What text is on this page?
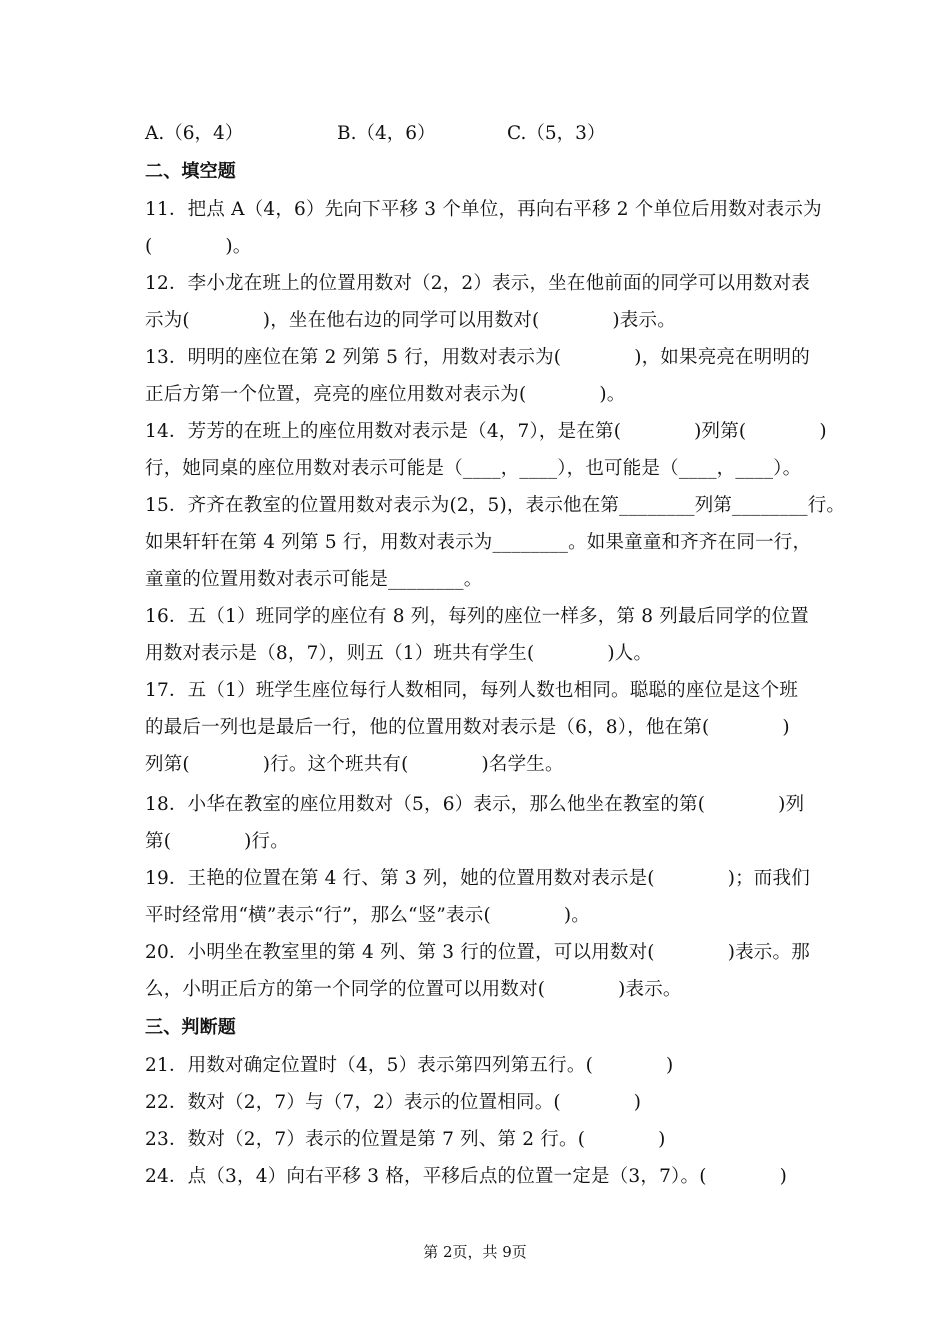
A.（6，4）	B.（4，6）	C.（5，3）
二、填空题
11．把点 A（4，6）先向下平移 3 个单位，再向右平移 2 个单位后用数对表示为
(            )。
12．李小龙在班上的位置用数对（2，2）表示，坐在他前面的同学可以用数对表
示为(            )，坐在他右边的同学可以用数对(            )表示。
13．明明的座位在第 2 列第 5 行，用数对表示为(            )，如果亮亮在明明的
正后方第一个位置，亮亮的座位用数对表示为(            )。
14．芳芳的在班上的座位用数对表示是（4，7），是在第(            )列第(            )
行，她同桌的座位用数对表示可能是（____，____），也可能是（____，____）。
15．齐齐在教室的位置用数对表示为(2，5)，表示他在第________列第________行。
如果轩轩在第 4 列第 5 行，用数对表示为________。如果童童和齐齐在同一行，
童童的位置用数对表示可能是________。
16．五（1）班同学的座位有 8 列，每列的座位一样多，第 8 列最后同学的位置
用数对表示是（8，7），则五（1）班共有学生(            )人。
17．五（1）班学生座位每行人数相同，每列人数也相同。聪聪的座位是这个班
的最后一列也是最后一行，他的位置用数对表示是（6，8），他在第(            )
列第(            )行。这个班共有(            )名学生。
18．小华在教室的座位用数对（5，6）表示，那么他坐在教室的第(            )列
第(            )行。
19．王艳的位置在第 4 行、第 3 列，她的位置用数对表示是(            )；而我们
平时经常用“横”表示“行”，那么“竖”表示(            )。
20．小明坐在教室里的第 4 列、第 3 行的位置，可以用数对(            )表示。那
么，小明正后方的第一个同学的位置可以用数对(            )表示。
三、判断题
21．用数对确定位置时（4，5）表示第四列第五行。(            )
22．数对（2，7）与（7，2）表示的位置相同。(            )
23．数对（2，7）表示的位置是第 7 列、第 2 行。(            )
24．点（3，4）向右平移 3 格，平移后点的位置一定是（3，7）。(            )
第 2页，共 9页
